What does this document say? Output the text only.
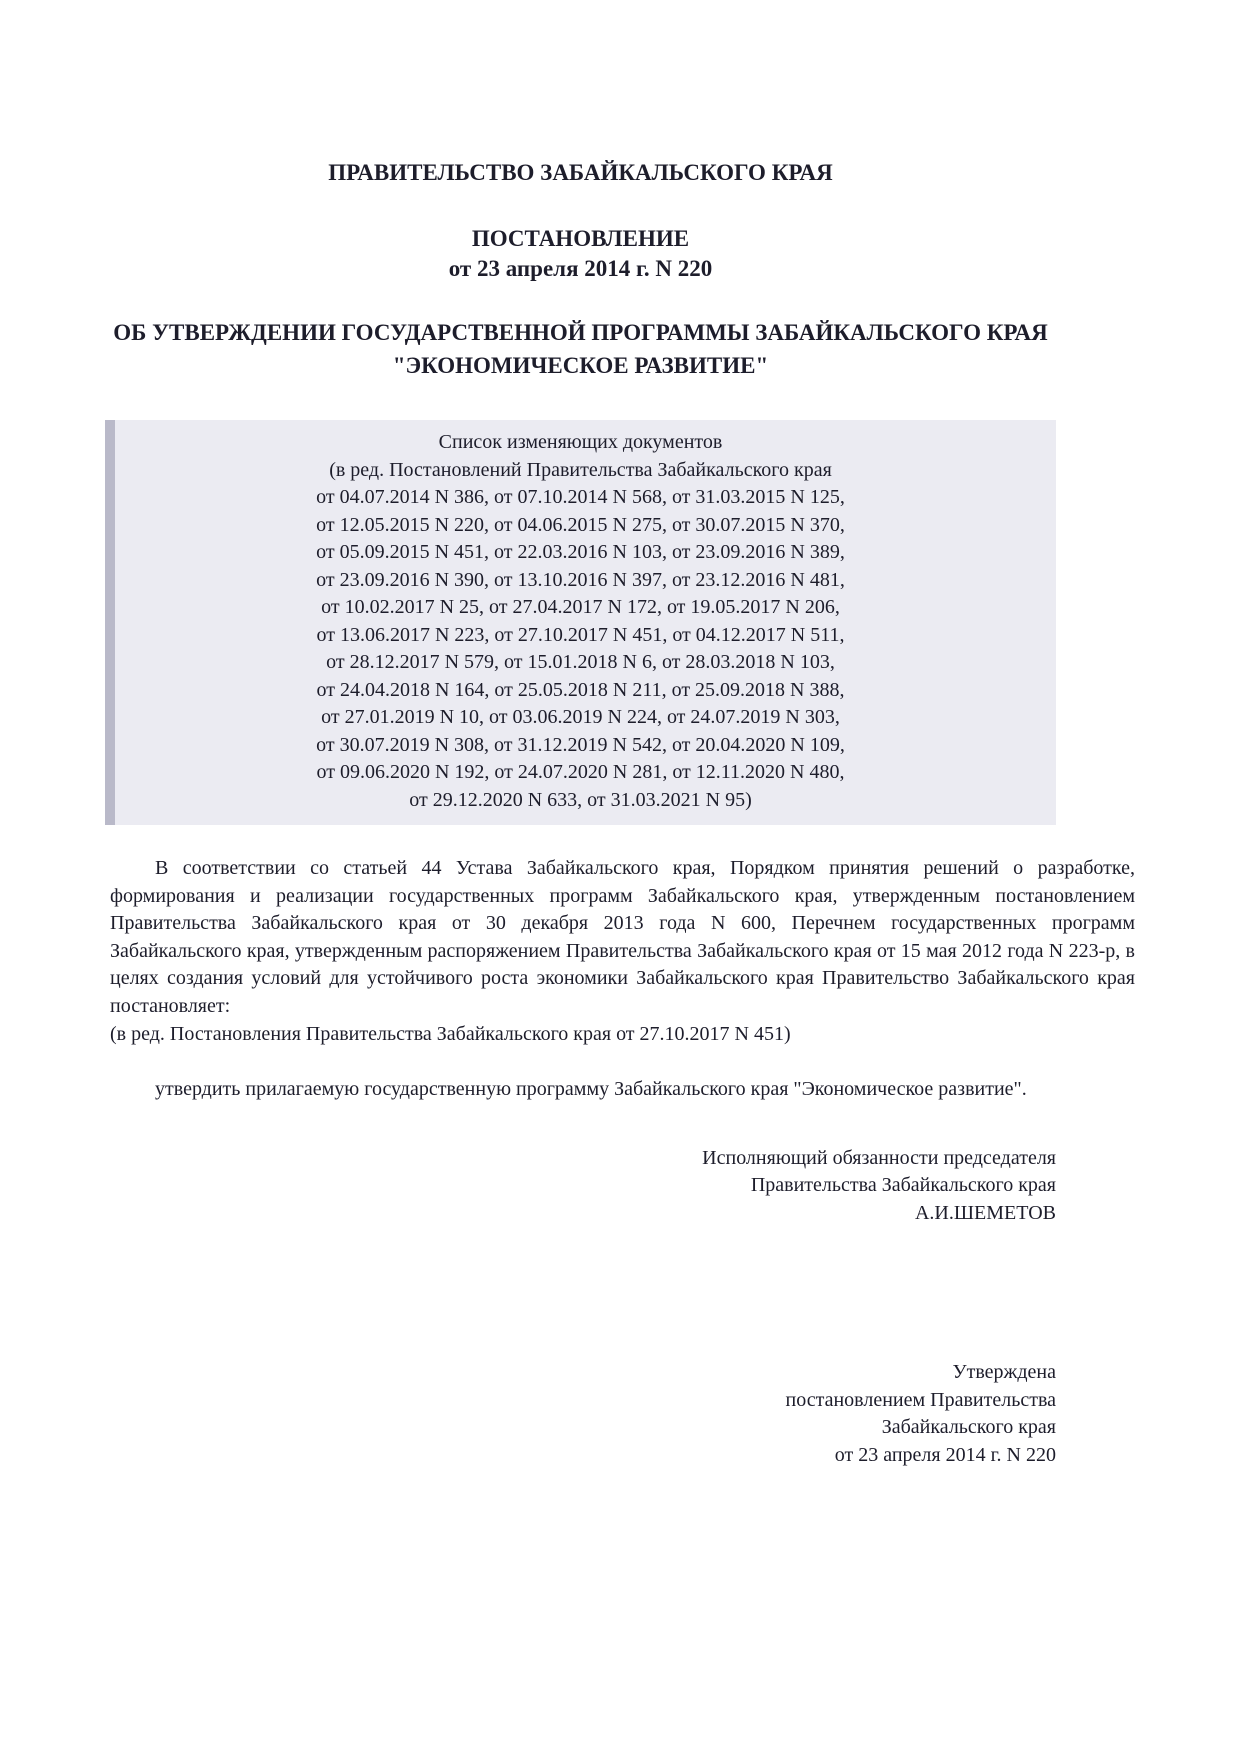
ПРАВИТЕЛЬСТВО ЗАБАЙКАЛЬСКОГО КРАЯ
ПОСТАНОВЛЕНИЕ
от 23 апреля 2014 г. N 220
ОБ УТВЕРЖДЕНИИ ГОСУДАРСТВЕННОЙ ПРОГРАММЫ ЗАБАЙКАЛЬСКОГО КРАЯ "ЭКОНОМИЧЕСКОЕ РАЗВИТИЕ"
Список изменяющих документов
(в ред. Постановлений Правительства Забайкальского края
от 04.07.2014 N 386, от 07.10.2014 N 568, от 31.03.2015 N 125,
от 12.05.2015 N 220, от 04.06.2015 N 275, от 30.07.2015 N 370,
от 05.09.2015 N 451, от 22.03.2016 N 103, от 23.09.2016 N 389,
от 23.09.2016 N 390, от 13.10.2016 N 397, от 23.12.2016 N 481,
от 10.02.2017 N 25, от 27.04.2017 N 172, от 19.05.2017 N 206,
от 13.06.2017 N 223, от 27.10.2017 N 451, от 04.12.2017 N 511,
от 28.12.2017 N 579, от 15.01.2018 N 6, от 28.03.2018 N 103,
от 24.04.2018 N 164, от 25.05.2018 N 211, от 25.09.2018 N 388,
от 27.01.2019 N 10, от 03.06.2019 N 224, от 24.07.2019 N 303,
от 30.07.2019 N 308, от 31.12.2019 N 542, от 20.04.2020 N 109,
от 09.06.2020 N 192, от 24.07.2020 N 281, от 12.11.2020 N 480,
от 29.12.2020 N 633, от 31.03.2021 N 95)
В соответствии со статьей 44 Устава Забайкальского края, Порядком принятия решений о разработке, формирования и реализации государственных программ Забайкальского края, утвержденным постановлением Правительства Забайкальского края от 30 декабря 2013 года N 600, Перечнем государственных программ Забайкальского края, утвержденным распоряжением Правительства Забайкальского края от 15 мая 2012 года N 223-р, в целях создания условий для устойчивого роста экономики Забайкальского края Правительство Забайкальского края постановляет:
(в ред. Постановления Правительства Забайкальского края от 27.10.2017 N 451)
утвердить прилагаемую государственную программу Забайкальского края "Экономическое развитие".
Исполняющий обязанности председателя
Правительства Забайкальского края
А.И.ШЕМЕТОВ
Утверждена
постановлением Правительства
Забайкальского края
от 23 апреля 2014 г. N 220
